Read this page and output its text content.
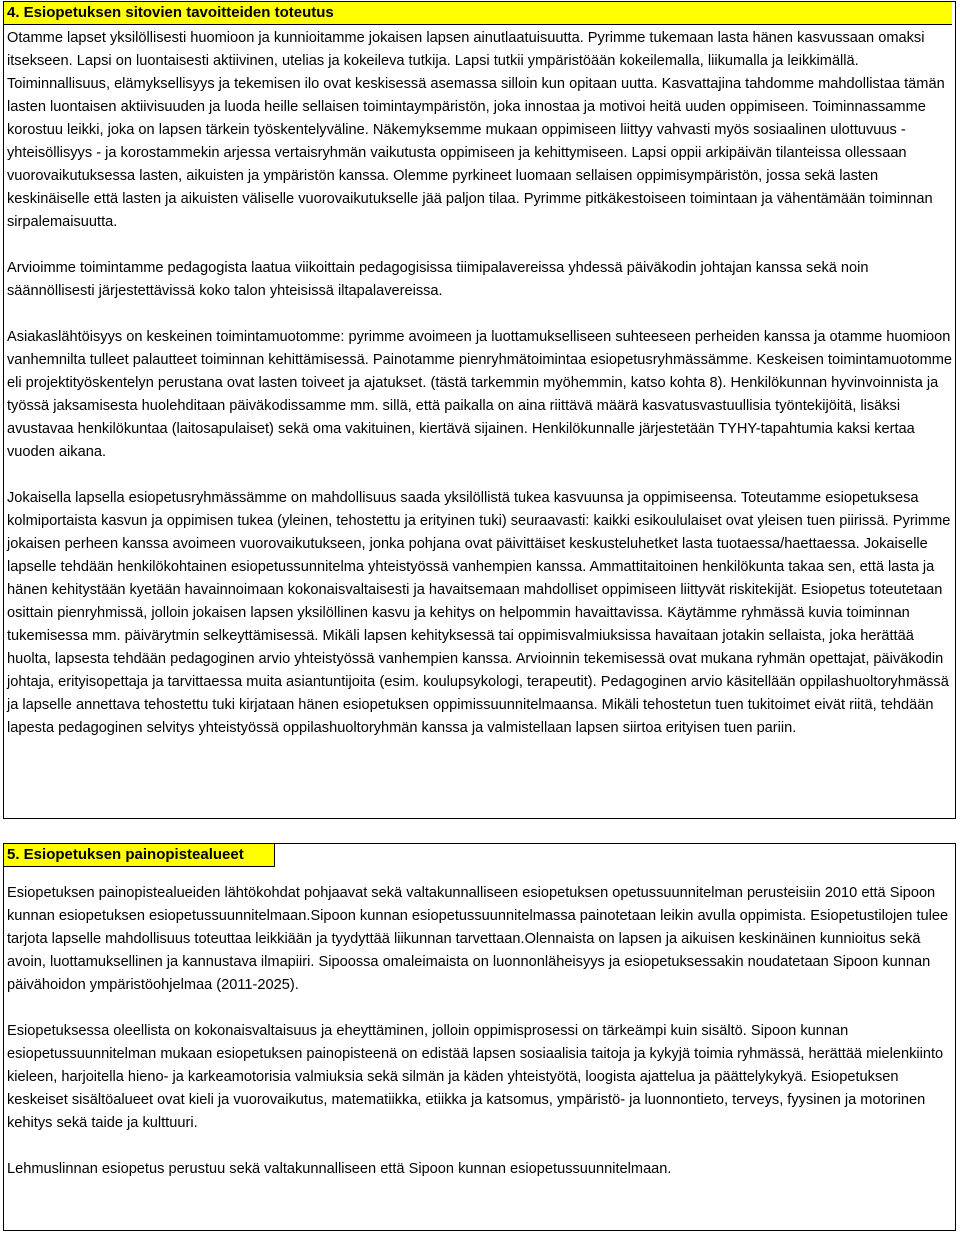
4. Esiopetuksen sitovien tavoitteiden toteutus

Otamme lapset yksilöllisesti huomioon ja kunnioitamme jokaisen lapsen ainutlaatuisuutta. Pyrimme tukemaan lasta hänen kasvussaan omaksi itsekseen. Lapsi on luontaisesti aktiivinen, utelias ja kokeileva tutkija. Lapsi tutkii ympäristöään kokeilemalla, liikumalla ja leikkimällä. Toiminnallisuus, elämyksellisyys ja tekemisen ilo ovat keskisessä asemassa silloin kun opitaan uutta. Kasvattajina tahdomme mahdollistaa tämän lasten luontaisen aktiivisuuden ja luoda heille sellaisen toimintaympäristön, joka innostaa ja motivoi heitä uuden oppimiseen. Toiminnassamme korostuu leikki, joka on lapsen tärkein työskentelyväline. Näkemyksemme mukaan oppimiseen liittyy vahvasti myös sosiaalinen ulottuvuus - yhteisöllisyys - ja korostammekin arjessa vertaisryhmän vaikutusta oppimiseen ja kehittymiseen. Lapsi oppii arkipäivän tilanteissa ollessaan vuorovaikutuksessa lasten, aikuisten ja ympäristön kanssa. Olemme pyrkineet luomaan sellaisen oppimisympäristön, jossa sekä lasten keskinäiselle että lasten ja aikuisten väliselle vuorovaikutukselle jää paljon tilaa. Pyrimme pitkäkestoiseen toimintaan ja vähentämään toiminnan sirpalemaisuutta.

Arvioimme toimintamme pedagogista laatua viikoittain pedagogisissa tiimipalavereissa yhdessä päiväkodin johtajan kanssa sekä noin säännöllisesti järjestettävissä koko talon yhteisissä iltapalavereissa.

Asiakaslähtöisyys on keskeinen toimintamuotomme: pyrimme avoimeen ja luottamukselliseen suhteeseen perheiden kanssa ja otamme huomioon vanhemnilta tulleet palautteet toiminnan kehittämisessä. Painotamme pienryhmätoimintaa esiopetusryhmässämme. Keskeisen toimintamuotomme eli projektityöskentelyn perustana ovat lasten toiveet ja ajatukset. (tästä tarkemmin myöhemmin, katso kohta 8). Henkilökunnan hyvinvoinnista ja työssä jaksamisesta huolehditaan päiväkodissamme mm. sillä, että paikalla on aina riittävä määrä kasvatusvastuullisia työntekijöitä, lisäksi avustavaa henkilökuntaa (laitosapulaiset) sekä oma vakituinen, kiertävä sijainen. Henkilökunnalle järjestetään TYHY-tapahtumia kaksi kertaa vuoden aikana.

Jokaisella lapsella esiopetusryhmässämme on mahdollisuus saada yksilöllistä tukea kasvuunsa ja oppimiseensa. Toteutamme esiopetuksesa kolmiportaista kasvun ja oppimisen tukea (yleinen, tehostettu ja erityinen tuki) seuraavasti: kaikki esikoululaiset ovat yleisen tuen piirissä. Pyrimme jokaisen perheen kanssa avoimeen vuorovaikutukseen, jonka pohjana ovat päivittäiset keskusteluhetket lasta tuotaessa/haettaessa. Jokaiselle lapselle tehdään henkilökohtainen esiopetussunnitelma yhteistyössä vanhempien kanssa. Ammattitaitoinen henkilökunta takaa sen, että lasta ja hänen kehitystään kyetään havainnoimaan kokonaisvaltaisesti ja havaitsemaan mahdolliset oppimiseen liittyvät riskitekijät. Esiopetus toteutetaan osittain pienryhmissä, jolloin jokaisen lapsen yksilöllinen kasvu ja kehitys on helpommin havaittavissa. Käytämme ryhmässä kuvia toiminnan tukemisessa mm. päivärytmin selkeyttämisessä. Mikäli lapsen kehityksessä tai oppimisvalmiuksissa havaitaan jotakin sellaista, joka herättää huolta, lapsesta tehdään pedagoginen arvio yhteistyössä vanhempien kanssa. Arvioinnin tekemisessä ovat mukana ryhmän opettajat, päiväkodin johtaja, erityisopettaja ja tarvittaessa muita asiantuntijoita (esim. koulupsykologi, terapeutit). Pedagoginen arvio käsitellään oppilashuoltoryhmässä ja lapselle annettava tehostettu tuki kirjataan hänen esiopetuksen oppimissuunnitelmaansa. Mikäli tehostetun tuen tukitoimet eivät riitä, tehdään lapesta pedagoginen selvitys yhteistyössä oppilashuoltoryhmän kanssa ja valmistellaan lapsen siirtoa erityisen tuen pariin.

5. Esiopetuksen painopistealueet

Esiopetuksen painopistealueiden lähtökohdat pohjaavat sekä valtakunnalliseen esiopetuksen opetussuunnitelman perusteisiin 2010 että Sipoon kunnan esiopetuksen esiopetussuunnitelmaan.Sipoon kunnan esiopetussuunnitelmassa painotetaan leikin avulla oppimista. Esiopetustilojen tulee tarjota lapselle mahdollisuus toteuttaa leikkiään ja tyydyttää liikunnan tarvettaan.Olennaista on lapsen ja aikuisen keskinäinen kunnioitus sekä avoin, luottamuksellinen ja kannustava ilmapiiri. Sipoossa omaleimaista on luonnonläheisyys ja esiopetuksessakin noudatetaan Sipoon kunnan päivähoidon ympäristöohjelmaa (2011-2025).

Esiopetuksessa oleellista on kokonaisvaltaisuus ja eheyttäminen, jolloin oppimisprosessi on tärkeämpi kuin sisältö. Sipoon kunnan esiopetussuunnitelman mukaan esiopetuksen painopisteenä on edistää lapsen sosiaalisia taitoja ja kykyjä toimia ryhmässä, herättää mielenkiinto kieleen, harjoitella hieno- ja karkeamotorisia valmiuksia sekä silmän ja käden yhteistyötä, loogista ajattelua ja päättelykykyä. Esiopetuksen keskeiset sisältöalueet ovat kieli ja vuorovaikutus, matematiikka, etiikka ja katsomus, ympäristö- ja luonnontieto, terveys, fyysinen ja motorinen kehitys sekä taide ja kulttuuri.

Lehmuslinnan esiopetus perustuu sekä valtakunnalliseen että Sipoon kunnan esiopetussuunnitelmaan.
